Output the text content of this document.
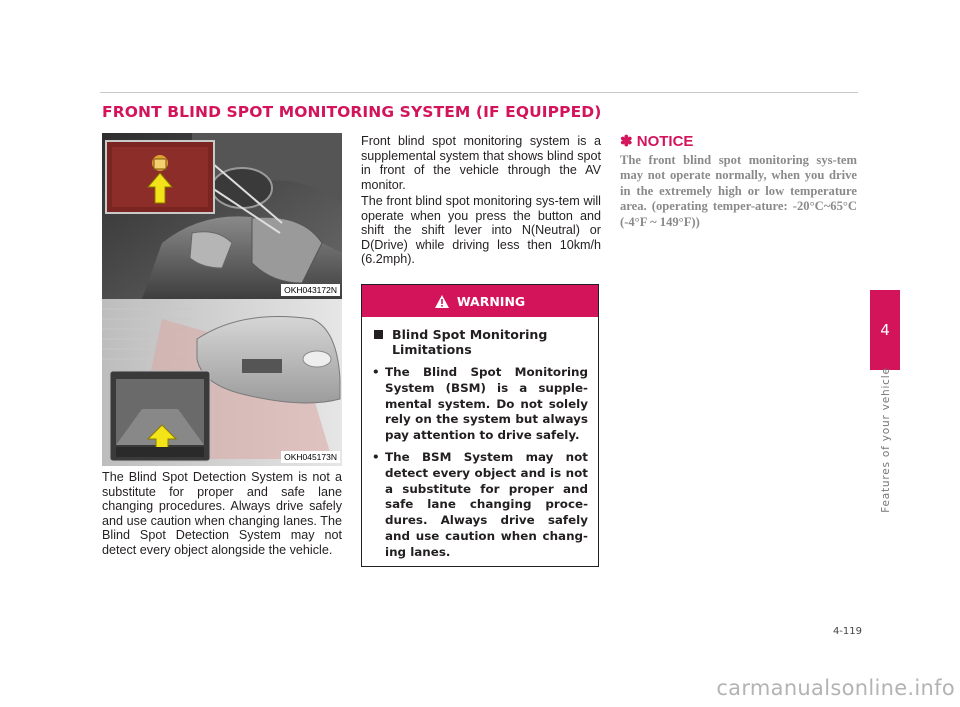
FRONT BLIND SPOT MONITORING SYSTEM (IF EQUIPPED)
OKH043172N
OKH045173N
The Blind Spot Detection System is not a substitute for proper and safe lane changing procedures. Always drive safely and use caution when changing lanes. The Blind Spot Detection System may not detect every object alongside the vehicle.
Front blind spot monitoring system is a supplemental system that shows blind spot in front of the vehicle through the AV monitor.
The front blind spot monitoring sys-tem will operate when you press the button and shift the shift lever into N(Neutral) or D(Drive) while driving less then 10km/h (6.2mph).
WARNING
Blind Spot Monitoring Limitations
• The Blind Spot Monitoring System (BSM) is a supple-mental system. Do not solely rely on the system but always pay attention to drive safely.
• The BSM System may not detect every object and is not a substitute for proper and safe lane changing proce-dures. Always drive safely and use caution when chang-ing lanes.
✽ NOTICE
The front blind spot monitoring sys-tem may not operate normally, when you drive in the extremely high or low temperature area. (operating temper-ature: -20°C~65°C (-4°F ~ 149°F))
4
Features of your vehicle
4-119
carmanualsonline.info
